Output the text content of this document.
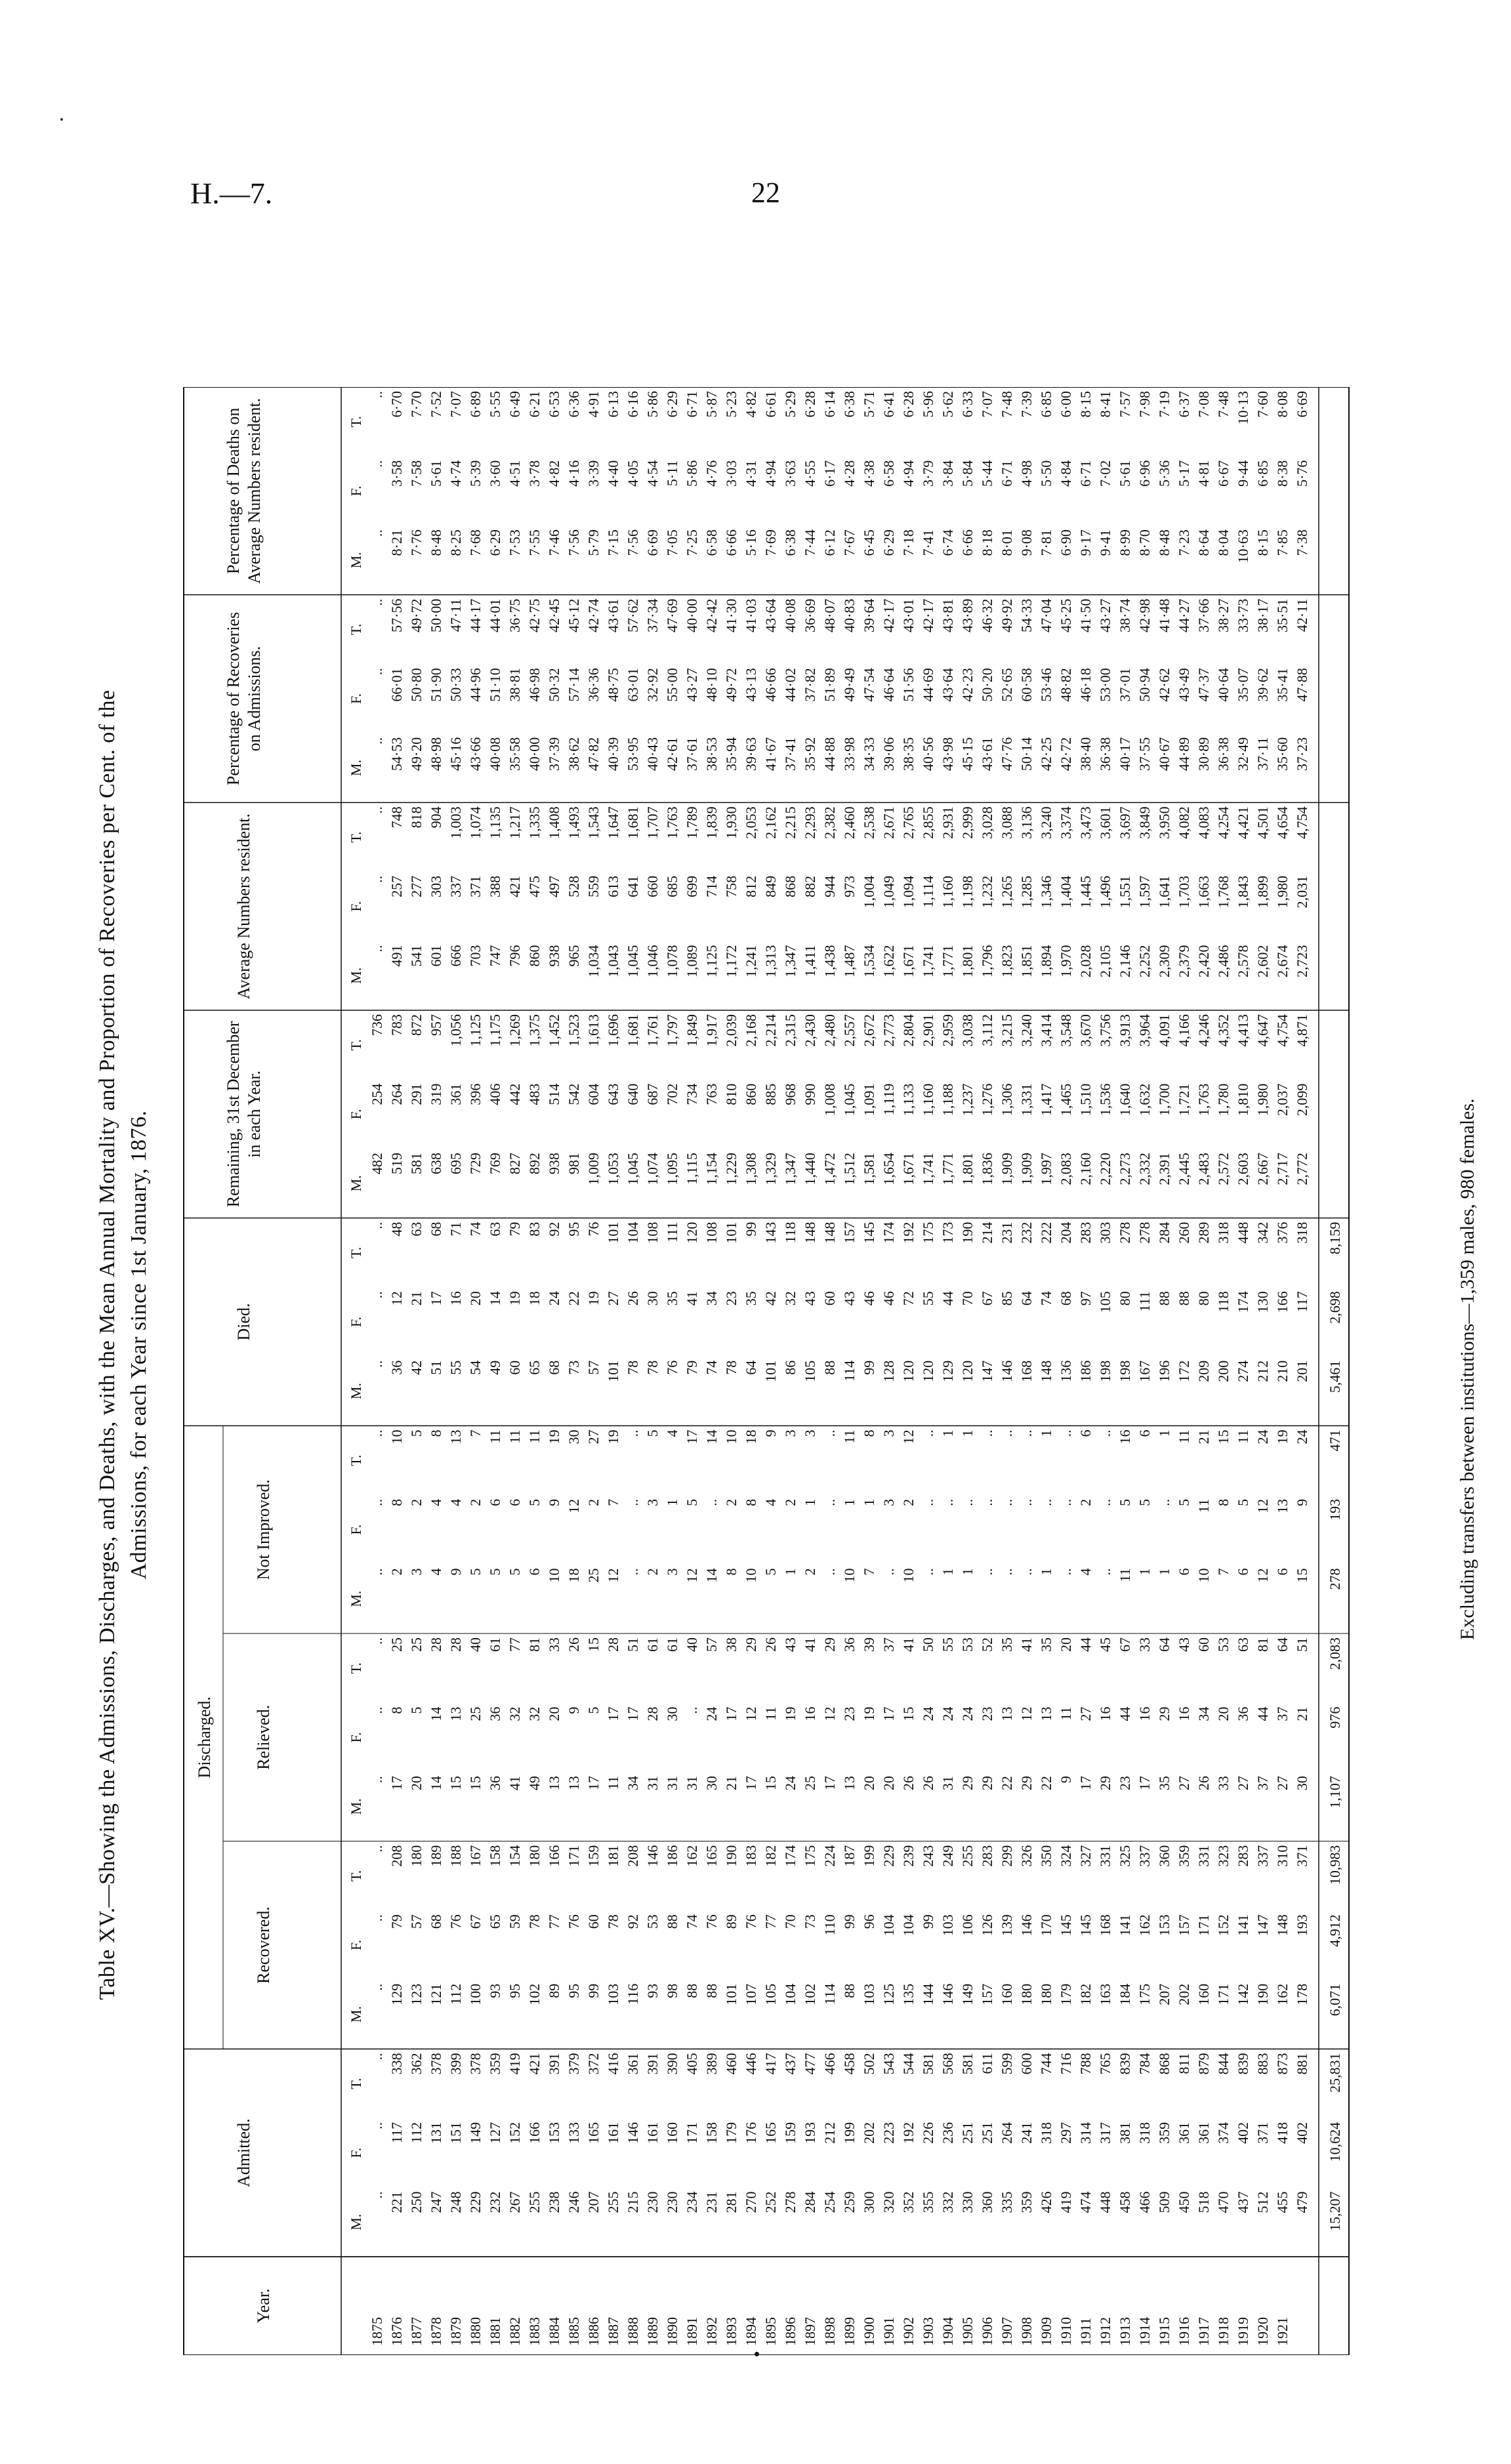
H.—7.	22
Table XV.—Showing the Admissions, Discharges, and Deaths, with the Mean Annual Mortality and Proportion of Recoveries per Cent. of the Admissions, for each Year since 1st January, 1876.
Admitted.
Discharged.
Died.
Remaining, 31st December in each Year.
Average Numbers resident.
Percentage of Recoveries on Admissions.
Percentage of Deaths on Average Numbers resident.
Year.
Recovered.
Relieved.
Not Improved.
M.
F.
T.
M.
F.
T.
M.
F.
T.
M.
F.
T.
M.
F.
T.
M.
F.
T.
M.
F.
T.
M.
F.
T.
M.
F.
T.
1875
..
..
..
..
..
..
..
..
..
..
..
..
..
..
..
482
254
736
..
..
..
..
..
..
..
..
..
1876
221
117
338
129
79
208
17
8
25
2
8
10
36
12
48
519
264
783
491
257
748
54·53
66·01
57·56
8·21
3·58
6·70
1877
250
112
362
123
57
180
20
5
25
3
2
5
42
21
63
581
291
872
541
277
818
49·20
50·80
49·72
7·76
7·58
7·70
1878
247
131
378
121
68
189
14
14
28
4
4
8
51
17
68
638
319
957
601
303
904
48·98
51·90
50·00
8·48
5·61
7·52
1879
248
151
399
112
76
188
15
13
28
9
4
13
55
16
71
695
361
1,056
666
337
1,003
45·16
50·33
47·11
8·25
4·74
7·07
1880
229
149
378
100
67
167
15
25
40
5
2
7
54
20
74
729
396
1,125
703
371
1,074
43·66
44·96
44·17
7·68
5·39
6·89
1881
232
127
359
93
65
158
36
36
61
5
6
11
49
14
63
769
406
1,175
747
388
1,135
40·08
51·10
44·01
6·29
3·60
5·55
1882
267
152
419
95
59
154
41
32
77
5
6
11
60
19
79
827
442
1,269
796
421
1,217
35·58
38·81
36·75
7·53
4·51
6·49
1883
255
166
421
102
78
180
49
32
81
6
5
11
65
18
83
892
483
1,375
860
475
1,335
40·00
46·98
42·75
7·55
3·78
6·21
1884
238
153
391
89
77
166
13
20
33
10
9
19
68
24
92
938
514
1,452
938
497
1,408
37·39
50·32
42·45
7·46
4·82
6·53
1885
246
133
379
95
76
171
13
9
26
18
12
30
73
22
95
981
542
1,523
965
528
1,493
38·62
57·14
45·12
7·56
4·16
6·36
1886
207
165
372
99
60
159
17
5
15
25
2
27
57
19
76
1,009
604
1,613
1,034
559
1,543
47·82
36·36
42·74
5·79
3·39
4·91
1887
255
161
416
103
78
181
11
17
28
12
7
19
101
27
101
1,053
643
1,696
1,043
613
1,647
40·39
48·75
43·61
7·15
4·40
6·13
1888
215
146
361
116
92
208
34
17
51
..
..
..
78
26
104
1,045
640
1,681
1,045
641
1,681
53·95
63·01
57·62
7·56
4·05
6·16
1889
230
161
391
93
53
146
31
28
61
2
3
5
78
30
108
1,074
687
1,761
1,046
660
1,707
40·43
32·92
37·34
6·69
4·54
5·86
1890
230
160
390
98
88
186
31
30
61
3
1
4
76
35
111
1,095
702
1,797
1,078
685
1,763
42·61
55·00
47·69
7·05
5·11
6·29
1891
234
171
405
88
74
162
31
..
40
12
5
17
79
41
120
1,115
734
1,849
1,089
699
1,789
37·61
43·27
40·00
7·25
5·86
6·71
1892
231
158
389
88
76
165
30
24
57
14
..
14
74
34
108
1,154
763
1,917
1,125
714
1,839
38·53
48·10
42·42
6·58
4·76
5·87
1893
281
179
460
101
89
190
21
17
38
8
2
10
78
23
101
1,229
810
2,039
1,172
758
1,930
35·94
49·72
41·30
6·66
3·03
5·23
1894
270
176
446
107
76
183
17
12
29
10
8
18
64
35
99
1,308
860
2,168
1,241
812
2,053
39·63
43·13
41·03
5·16
4·31
4·82
1895
252
165
417
105
77
182
15
11
26
5
4
9
101
42
143
1,329
885
2,214
1,313
849
2,162
41·67
46·66
43·64
7·69
4·94
6·61
1896
278
159
437
104
70
174
24
19
43
1
2
3
86
32
118
1,347
968
2,315
1,347
868
2,215
37·41
44·02
40·08
6·38
3·63
5·29
1897
284
193
477
102
73
175
25
16
41
2
1
3
105
43
148
1,440
990
2,430
1,411
882
2,293
35·92
37·82
36·69
7·44
4·55
6·28
1898
254
212
466
114
110
224
17
12
29
..
..
..
88
60
148
1,472
1,008
2,480
1,438
944
2,382
44·88
51·89
48·07
6·12
6·17
6·14
1899
259
199
458
88
99
187
13
23
36
10
1
11
114
43
157
1,512
1,045
2,557
1,487
973
2,460
33·98
49·49
40·83
7·67
4·28
6·38
1900
300
202
502
103
96
199
20
19
39
7
1
8
99
46
145
1,581
1,091
2,672
1,534
1,004
2,538
34·33
47·54
39·64
6·45
4·38
5·71
1901
320
223
543
125
104
229
20
17
37
..
3
3
128
46
174
1,654
1,119
2,773
1,622
1,049
2,671
39·06
46·64
42·17
6·29
6·58
6·41
1902
352
192
544
135
104
239
26
15
41
10
2
12
120
72
192
1,671
1,133
2,804
1,671
1,094
2,765
38·35
51·56
43·01
7·18
4·94
6·28
1903
355
226
581
144
99
243
26
24
50
..
..
..
120
55
175
1,741
1,160
2,901
1,741
1,114
2,855
40·56
44·69
42·17
7·41
3·79
5·96
1904
332
236
568
146
103
249
31
24
55
1
..
1
129
44
173
1,771
1,188
2,959
1,771
1,160
2,931
43·98
43·64
43·81
6·74
3·84
5·62
1905
330
251
581
149
106
255
29
24
53
1
..
1
120
70
190
1,801
1,237
3,038
1,801
1,198
2,999
45·15
42·23
43·89
6·66
5·84
6·33
1906
360
251
611
157
126
283
29
23
52
..
..
..
147
67
214
1,836
1,276
3,112
1,796
1,232
3,028
43·61
50·20
46·32
8·18
5·44
7·07
1907
335
264
599
160
139
299
22
13
35
..
..
..
146
85
231
1,909
1,306
3,215
1,823
1,265
3,088
47·76
52·65
49·92
8·01
6·71
7·48
1908
359
241
600
180
146
326
29
12
41
..
..
..
168
64
232
1,909
1,331
3,240
1,851
1,285
3,136
50·14
60·58
54·33
9·08
4·98
7·39
1909
426
318
744
180
170
350
22
13
35
1
..
1
148
74
222
1,997
1,417
3,414
1,894
1,346
3,240
42·25
53·46
47·04
7·81
5·50
6·85
1910
419
297
716
179
145
324
9
11
20
..
..
..
136
68
204
2,083
1,465
3,548
1,970
1,404
3,374
42·72
48·82
45·25
6·90
4·84
6·00
1911
474
314
788
182
145
327
17
27
44
4
2
6
186
97
283
2,160
1,510
3,670
2,028
1,445
3,473
38·40
46·18
41·50
9·17
6·71
8·15
1912
448
317
765
163
168
331
29
16
45
..
..
..
198
105
303
2,220
1,536
3,756
2,105
1,496
3,601
36·38
53·00
43·27
9·41
7·02
8·41
1913
458
381
839
184
141
325
23
44
67
11
5
16
198
80
278
2,273
1,640
3,913
2,146
1,551
3,697
40·17
37·01
38·74
8·99
5·61
7·57
1914
466
318
784
175
162
337
17
16
33
1
5
6
167
111
278
2,332
1,632
3,964
2,252
1,597
3,849
37·55
50·94
42·98
8·70
6·96
7·98
1915
509
359
868
207
153
360
35
29
64
1
..
1
196
88
284
2,391
1,700
4,091
2,309
1,641
3,950
40·67
42·62
41·48
8·48
5·36
7·19
1916
450
361
811
202
157
359
27
16
43
6
5
11
172
88
260
2,445
1,721
4,166
2,379
1,703
4,082
44·89
43·49
44·27
7·23
5·17
6·37
1917
518
361
879
160
171
331
26
34
60
10
11
21
209
80
289
2,483
1,763
4,246
2,420
1,663
4,083
30·89
47·37
37·66
8·64
4·81
7·08
1918
470
374
844
171
152
323
33
20
53
7
8
15
200
118
318
2,572
1,780
4,352
2,486
1,768
4,254
36·38
40·64
38·27
8·04
6·67
7·48
1919
437
402
839
142
141
283
27
36
63
6
5
11
274
174
448
2,603
1,810
4,413
2,578
1,843
4,421
32·49
35·07
33·73
10·63
9·44
10·13
1920
512
371
883
190
147
337
37
44
81
12
12
24
212
130
342
2,667
1,980
4,647
2,602
1,899
4,501
37·11
39·62
38·17
8·15
6·85
7·60
1921
455
418
873
162
148
310
27
37
64
6
13
19
210
166
376
2,717
2,037
4,754
2,674
1,980
4,654
35·60
35·41
35·51
7·85
8·38
8·08
479
402
881
178
193
371
30
21
51
15
9
24
201
117
318
2,772
2,099
4,871
2,723
2,031
4,754
37·23
47·88
42·11
7·38
5·76
6·69
15,207
10,624
25,831
6,071
4,912
10,983
1,107
976
2,083
278
193
471
5,461
2,698
8,159	Excluding transfers between institutions—1,359 males, 980 females.
